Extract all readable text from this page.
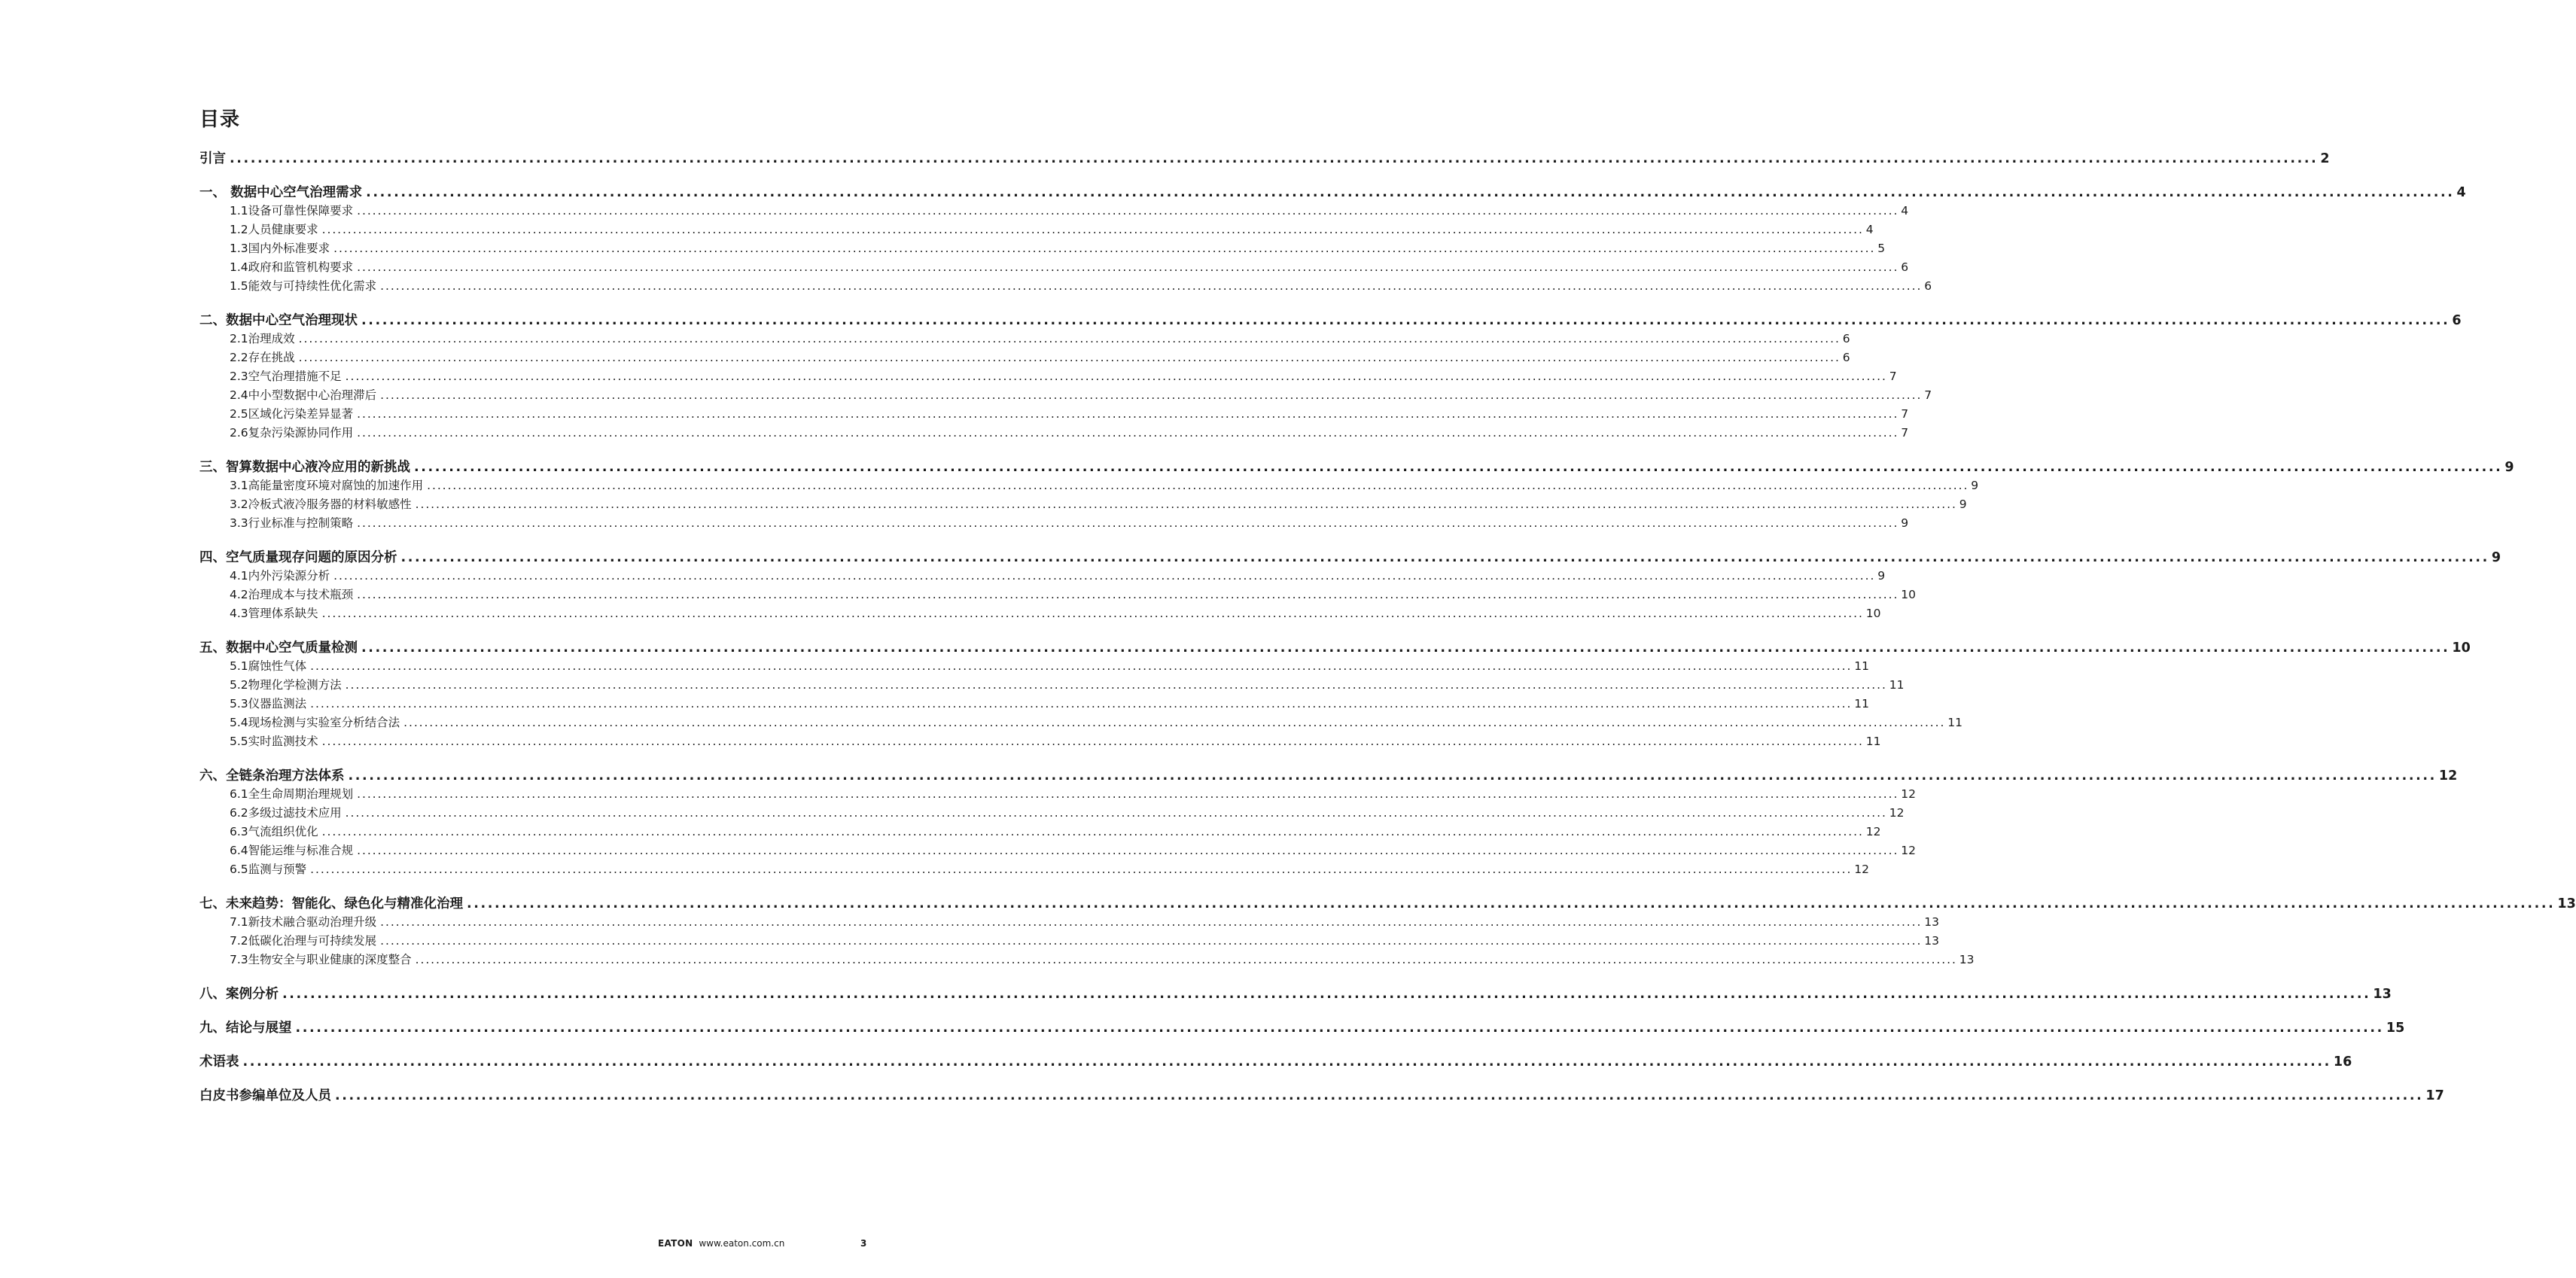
目录
引言 ............................................................................................................................................................................................................................................................................................................ 2
一、 数据中心空气治理需求 ............................................................................................................................................................................................................................................................................................................ 4
1.1 设备可靠性保障要求 ............................................................................................................................................................................................................................................................................................................ 4
1.2 人员健康要求 ............................................................................................................................................................................................................................................................................................................ 4
1.3 国内外标准要求 ............................................................................................................................................................................................................................................................................................................ 5
1.4 政府和监管机构要求 ............................................................................................................................................................................................................................................................................................................ 6
1.5 能效与可持续性优化需求 ............................................................................................................................................................................................................................................................................................................ 6
二、数据中心空气治理现状 ............................................................................................................................................................................................................................................................................................................ 6
2.1 治理成效 ............................................................................................................................................................................................................................................................................................................ 6
2.2 存在挑战 ............................................................................................................................................................................................................................................................................................................ 6
2.3 空气治理措施不足 ............................................................................................................................................................................................................................................................................................................ 7
2.4 中小型数据中心治理滞后 ............................................................................................................................................................................................................................................................................................................ 7
2.5 区域化污染差异显著 ............................................................................................................................................................................................................................................................................................................ 7
2.6 复杂污染源协同作用 ............................................................................................................................................................................................................................................................................................................ 7
三、智算数据中心液冷应用的新挑战 ............................................................................................................................................................................................................................................................................................................ 9
3.1 高能量密度环境对腐蚀的加速作用 ............................................................................................................................................................................................................................................................................................................ 9
3.2 冷板式液冷服务器的材料敏感性 ............................................................................................................................................................................................................................................................................................................ 9
3.3 行业标准与控制策略 ............................................................................................................................................................................................................................................................................................................ 9
四、空气质量现存问题的原因分析 ............................................................................................................................................................................................................................................................................................................ 9
4.1 内外污染源分析 ............................................................................................................................................................................................................................................................................................................ 9
4.2 治理成本与技术瓶颈 ............................................................................................................................................................................................................................................................................................................ 10
4.3 管理体系缺失 ............................................................................................................................................................................................................................................................................................................ 10
五、数据中心空气质量检测 ............................................................................................................................................................................................................................................................................................................ 10
5.1 腐蚀性气体 ............................................................................................................................................................................................................................................................................................................ 11
5.2 物理化学检测方法 ............................................................................................................................................................................................................................................................................................................ 11
5.3 仪器监测法 ............................................................................................................................................................................................................................................................................................................ 11
5.4 现场检测与实验室分析结合法 ............................................................................................................................................................................................................................................................................................................ 11
5.5 实时监测技术 ............................................................................................................................................................................................................................................................................................................ 11
六、全链条治理方法体系 ............................................................................................................................................................................................................................................................................................................ 12
6.1 全生命周期治理规划 ............................................................................................................................................................................................................................................................................................................ 12
6.2 多级过滤技术应用 ............................................................................................................................................................................................................................................................................................................ 12
6.3 气流组织优化 ............................................................................................................................................................................................................................................................................................................ 12
6.4 智能运维与标准合规 ............................................................................................................................................................................................................................................................................................................ 12
6.5 监测与预警 ............................................................................................................................................................................................................................................................................................................ 12
七、未来趋势：智能化、绿色化与精准化治理 ............................................................................................................................................................................................................................................................................................................ 13
7.1 新技术融合驱动治理升级 ............................................................................................................................................................................................................................................................................................................ 13
7.2 低碳化治理与可持续发展 ............................................................................................................................................................................................................................................................................................................ 13
7.3 生物安全与职业健康的深度整合 ............................................................................................................................................................................................................................................................................................................ 13
八、案例分析 ............................................................................................................................................................................................................................................................................................................ 13
九、结论与展望 ............................................................................................................................................................................................................................................................................................................ 15
术语表 ............................................................................................................................................................................................................................................................................................................ 16
白皮书参编单位及人员 ............................................................................................................................................................................................................................................................................................................ 17
EATON www.eaton.com.cn	3
